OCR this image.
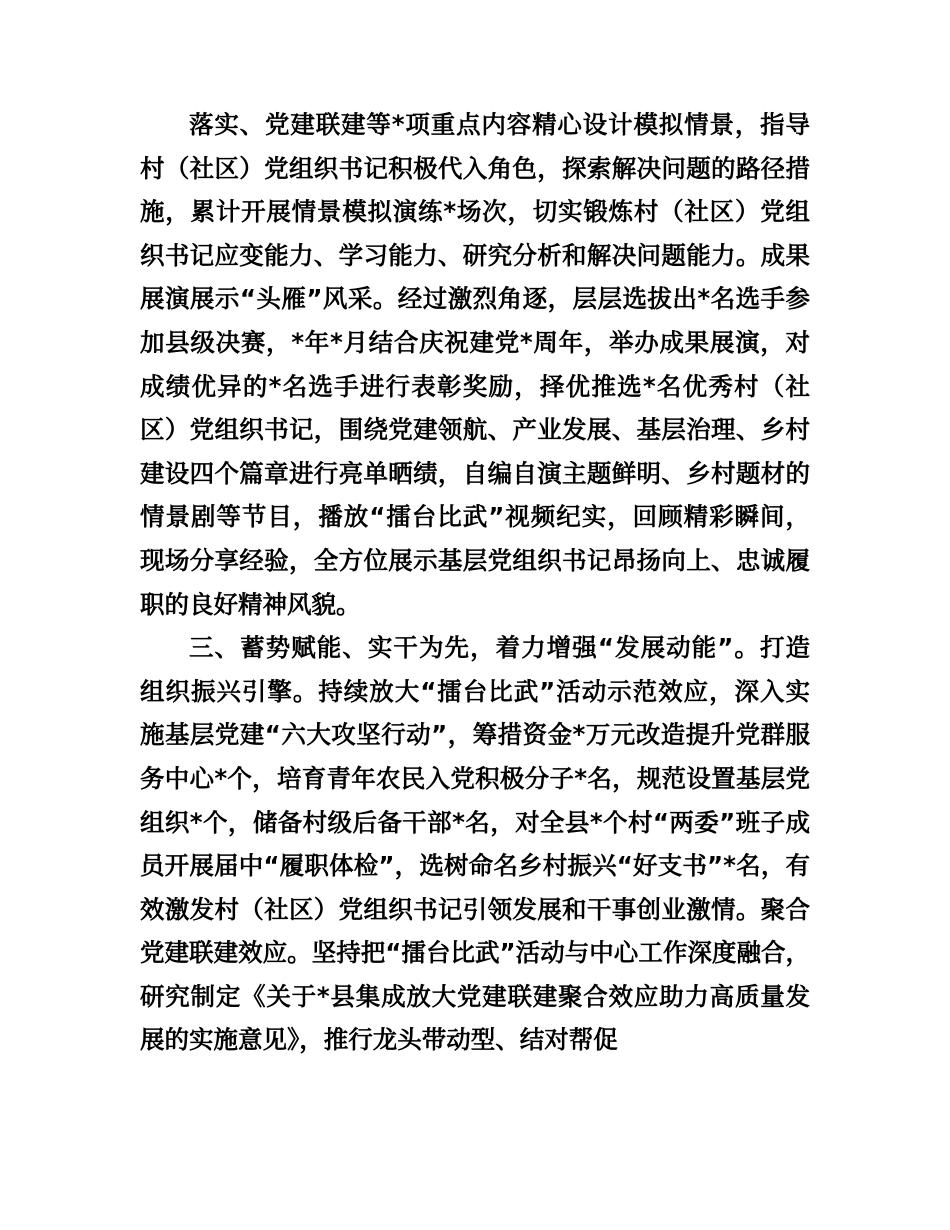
落实、党建联建等*项重点内容精心设计模拟情景，指导
村（社区）党组织书记积极代入角色，探索解决问题的路径措
施，累计开展情景模拟演练*场次，切实锻炼村（社区）党组
织书记应变能力、学习能力、研究分析和解决问题能力。成果
展演展示“头雁”风采。经过激烈角逐，层层选拔出*名选手参
加县级决赛，*年*月结合庆祝建党*周年，举办成果展演，对
成绩优异的*名选手进行表彰奖励，择优推选*名优秀村（社
区）党组织书记，围绕党建领航、产业发展、基层治理、乡村
建设四个篇章进行亮单晒绩，自编自演主题鲜明、乡村题材的
情景剧等节目，播放“擂台比武”视频纪实，回顾精彩瞬间，
现场分享经验，全方位展示基层党组织书记昂扬向上、忠诚履
职的良好精神风貌。
三、蓄势赋能、实干为先，着力增强“发展动能”。打造
组织振兴引擎。持续放大“擂台比武”活动示范效应，深入实
施基层党建“六大攻坚行动”，筹措资金*万元改造提升党群服
务中心*个，培育青年农民入党积极分子*名，规范设置基层党
组织*个，储备村级后备干部*名，对全县*个村“两委”班子成
员开展届中“履职体检”，选树命名乡村振兴“好支书”*名，有
效激发村（社区）党组织书记引领发展和干事创业激情。聚合
党建联建效应。坚持把“擂台比武”活动与中心工作深度融合，
研究制定《关于*县集成放大党建联建聚合效应助力高质量发
展的实施意见》，推行龙头带动型、结对帮促
